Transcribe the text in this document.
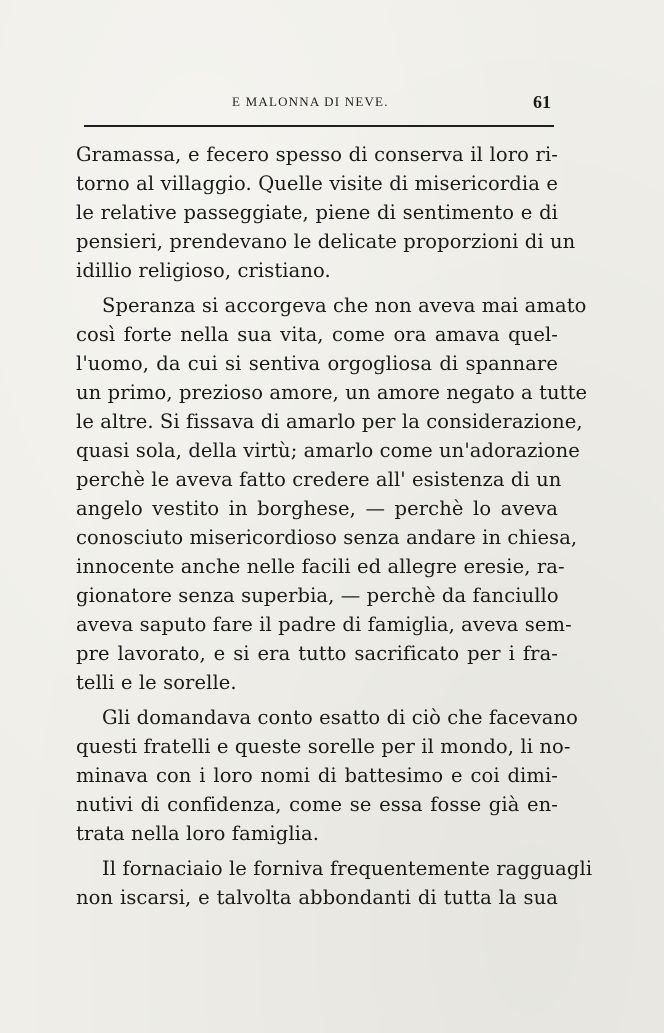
E MALONNA DI NEVE.	61
Gramassa, e fecero spesso di conserva il loro ri-
torno al villaggio. Quelle visite di misericordia e
le relative passeggiate, piene di sentimento e di
pensieri, prendevano le delicate proporzioni di un
idillio religioso, cristiano.
Speranza si accorgeva che non aveva mai amato
così forte nella sua vita, come ora amava quel-
l'uomo, da cui si sentiva orgogliosa di spannare
un primo, prezioso amore, un amore negato a tutte
le altre. Si fissava di amarlo per la considerazione,
quasi sola, della virtù; amarlo come un'adorazione
perchè le aveva fatto credere all' esistenza di un
angelo vestito in borghese, — perchè lo aveva
conosciuto misericordioso senza andare in chiesa,
innocente anche nelle facili ed allegre eresie, ra-
gionatore senza superbia, — perchè da fanciullo
aveva saputo fare il padre di famiglia, aveva sem-
pre lavorato, e si era tutto sacrificato per i fra-
telli e le sorelle.
Gli domandava conto esatto di ciò che facevano
questi fratelli e queste sorelle per il mondo, li no-
minava con i loro nomi di battesimo e coi dimi-
nutivi di confidenza, come se essa fosse già en-
trata nella loro famiglia.
Il fornaciaio le forniva frequentemente ragguagli
non iscarsi, e talvolta abbondanti di tutta la sua
